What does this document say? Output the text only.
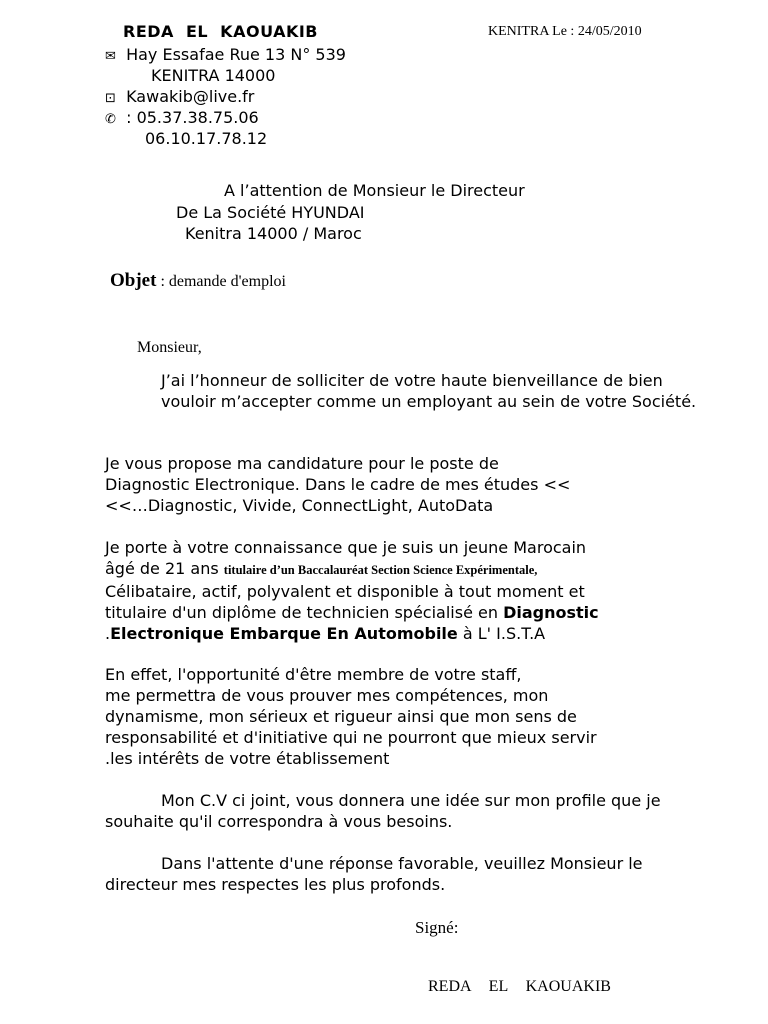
REDA EL KAOUAKIB	KENITRA Le : 24/05/2010
✉ Hay Essafae Rue 13 N° 539
KENITRA 14000
⊡ Kawakib@live.fr
✆ : 05.37.38.75.06
06.10.17.78.12
A l’attention de Monsieur le Directeur
De La Société HYUNDAI
Kenitra 14000 / Maroc
Objet : demande d'emploi
Monsieur,

J’ai l’honneur de solliciter de votre haute bienveillance de bien vouloir m’accepter comme un employant au sein de votre Société.

Je vous propose ma candidature pour le poste de

Diagnostic Electronique. Dans le cadre de mes études <<

<<…Diagnostic, Vivide, ConnectLight, AutoData

Je porte à votre connaissance que je suis un jeune Marocain

âgé de 21 ans titulaire d’un Baccalauréat Section Science Expérimentale,

Célibataire, actif, polyvalent et disponible à tout moment et

titulaire d'un diplôme de technicien spécialisé en Diagnostic

.Electronique Embarque En Automobile à L' I.S.T.A

En effet, l'opportunité d'être membre de votre staff,

me permettra de vous prouver mes compétences, mon

dynamisme, mon sérieux et rigueur ainsi que mon sens de

responsabilité et d'initiative qui ne pourront que mieux servir

.les intérêts de votre établissement

Mon C.V ci joint, vous donnera une idée sur mon profile que je souhaite qu'il correspondra à vous besoins.

Dans l'attente d'une réponse favorable, veuillez Monsieur le directeur mes respectes les plus profonds.

Signé:
REDA EL KAOUAKIB
